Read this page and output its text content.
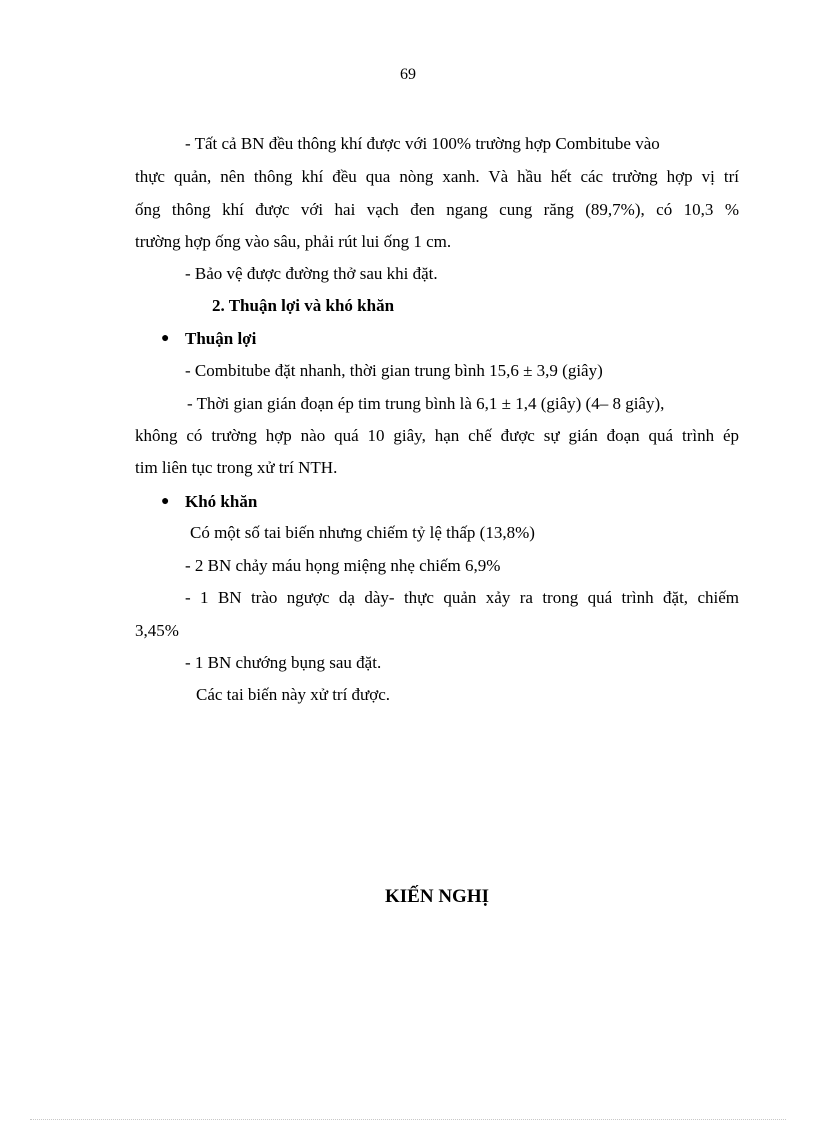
69
- Tất cả BN đều thông khí được với 100% trường hợp Combitube vào
thực quản, nên thông khí đều qua nòng xanh. Và hầu hết các trường hợp vị trí
ống thông khí được với hai vạch đen ngang cung răng (89,7%), có 10,3 %
trường hợp ống vào sâu, phải rút lui ống 1 cm.
- Bảo vệ được đường thở sau khi đặt.
2. Thuận lợi và khó khăn
● Thuận lợi
- Combitube đặt nhanh, thời gian trung bình 15,6 ± 3,9 (giây)
- Thời gian gián đoạn ép tim trung bình là 6,1 ± 1,4 (giây) (4– 8 giây),
không có trường hợp nào quá 10 giây, hạn chế được sự gián đoạn quá trình ép
tim liên tục trong xử trí NTH.
● Khó khăn
Có một số tai biến nhưng chiếm tỷ lệ thấp (13,8%)
- 2 BN chảy máu họng miệng nhẹ chiếm 6,9%
- 1 BN trào ngược dạ dày- thực quản xảy ra trong quá trình đặt, chiếm
3,45%
- 1 BN chướng bụng sau đặt.
Các tai biến này xử trí được.
KIẾN NGHỊ
